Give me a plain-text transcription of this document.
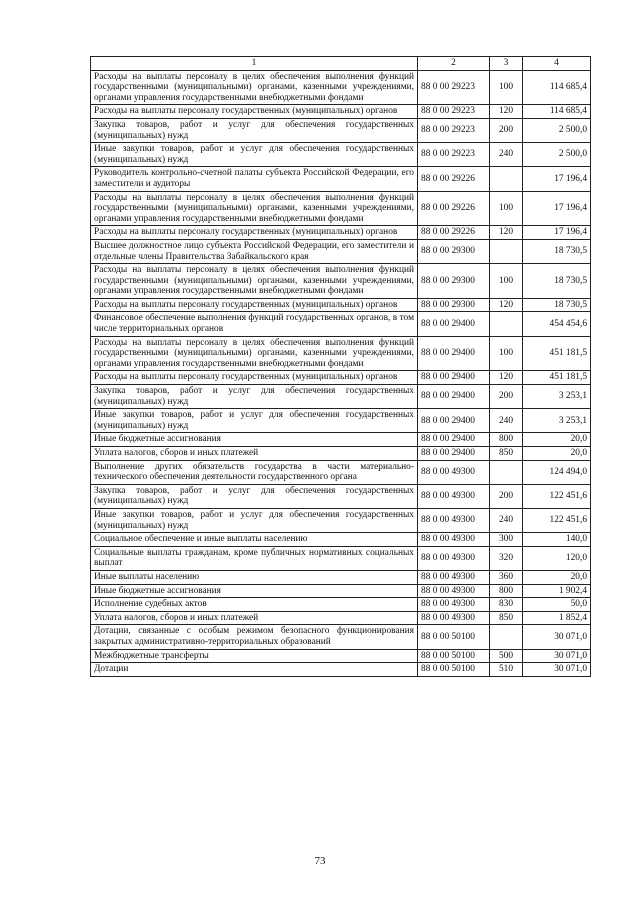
1	2	3	4
Расходы на выплаты персоналу в целях обеспечения выполнения функций государственными (муниципальными) органами, казенными учреждениями, органами управления государственными внебюджетными фондами	88 0 00 29223	100	114 685,4
Расходы на выплаты персоналу государственных (муниципальных) органов	88 0 00 29223	120	114 685,4
Закупка товаров, работ и услуг для обеспечения государственных (муниципальных) нужд	88 0 00 29223	200	2 500,0
Иные закупки товаров, работ и услуг для обеспечения государственных (муниципальных) нужд	88 0 00 29223	240	2 500,0
Руководитель контрольно-счетной палаты субъекта Российской Федерации, его заместители и аудиторы	88 0 00 29226		17 196,4
Расходы на выплаты персоналу в целях обеспечения выполнения функций государственными (муниципальными) органами, казенными учреждениями, органами управления государственными внебюджетными фондами	88 0 00 29226	100	17 196,4
Расходы на выплаты персоналу государственных (муниципальных) органов	88 0 00 29226	120	17 196,4
Высшее должностное лицо субъекта Российской Федерации, его заместители и отдельные члены Правительства Забайкальского края	88 0 00 29300		18 730,5
Расходы на выплаты персоналу в целях обеспечения выполнения функций государственными (муниципальными) органами, казенными учреждениями, органами управления государственными внебюджетными фондами	88 0 00 29300	100	18 730,5
Расходы на выплаты персоналу государственных (муниципальных) органов	88 0 00 29300	120	18 730,5
Финансовое обеспечение выполнения функций государственных органов, в том числе территориальных органов	88 0 00 29400		454 454,6
Расходы на выплаты персоналу в целях обеспечения выполнения функций государственными (муниципальными) органами, казенными учреждениями, органами управления государственными внебюджетными фондами	88 0 00 29400	100	451 181,5
Расходы на выплаты персоналу государственных (муниципальных) органов	88 0 00 29400	120	451 181,5
Закупка товаров, работ и услуг для обеспечения государственных (муниципальных) нужд	88 0 00 29400	200	3 253,1
Иные закупки товаров, работ и услуг для обеспечения государственных (муниципальных) нужд	88 0 00 29400	240	3 253,1
Иные бюджетные ассигнования	88 0 00 29400	800	20,0
Уплата налогов, сборов и иных платежей	88 0 00 29400	850	20,0
Выполнение других обязательств государства в части материально-технического обеспечения деятельности государственного органа	88 0 00 49300		124 494,0
Закупка товаров, работ и услуг для обеспечения государственных (муниципальных) нужд	88 0 00 49300	200	122 451,6
Иные закупки товаров, работ и услуг для обеспечения государственных (муниципальных) нужд	88 0 00 49300	240	122 451,6
Социальное обеспечение и иные выплаты населению	88 0 00 49300	300	140,0
Социальные выплаты гражданам, кроме публичных нормативных социальных выплат	88 0 00 49300	320	120,0
Иные выплаты населению	88 0 00 49300	360	20,0
Иные бюджетные ассигнования	88 0 00 49300	800	1 902,4
Исполнение судебных актов	88 0 00 49300	830	50,0
Уплата налогов, сборов и иных платежей	88 0 00 49300	850	1 852,4
Дотации, связанные с особым режимом безопасного функционирования закрытых административно-территориальных образований	88 0 00 50100		30 071,0
Межбюджетные трансферты	88 0 00 50100	500	30 071,0
Дотации	88 0 00 50100	510	30 071,0
73
